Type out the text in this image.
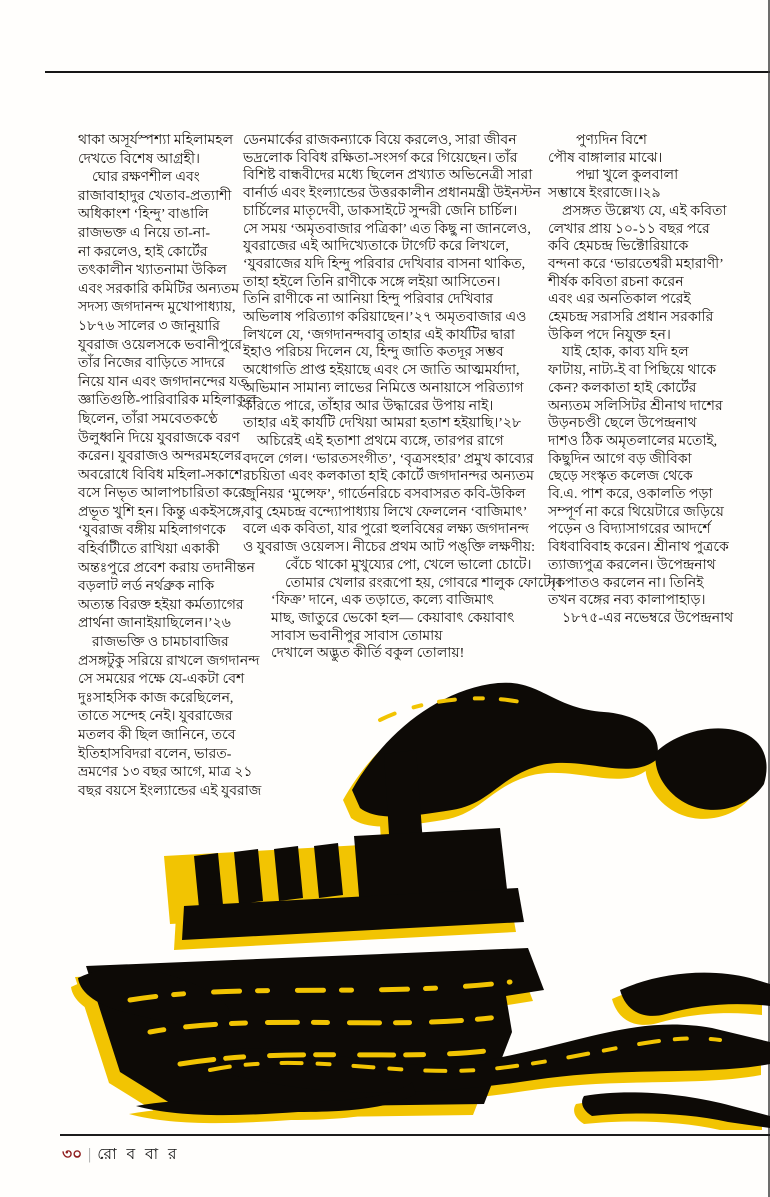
থাকা অসূর্যস্পশ্যা মহিলামহল
দেখতে বিশেষ আগ্রহী।
 ঘোর রক্ষণশীল এবং
রাজাবাহাদুর খেতাব-প্রত্যাশী
অধিকাংশ ‘হিন্দু’ বাঙালি
রাজভক্ত এ নিয়ে তা-না-
না করলেও, হাই কোর্টের
তৎকালীন খ্যাতনামা উকিল
এবং সরকারি কমিটির অন্যতম
সদস্য জগদানন্দ মুখোপাধ্যায়,
১৮৭৬ সালের ৩ জানুয়ারি
যুবরাজ ওয়েলসকে ভবানীপুরে
তাঁর নিজের বাড়িতে সাদরে
নিয়ে যান এবং জগদানন্দের যত
জ্ঞাতিগুষ্ঠি-পারিবারিক মহিলাকুল
ছিলেন, তাঁরা সমবেতকণ্ঠে
উলুধ্বনি দিয়ে যুবরাজকে বরণ
করেন। যুবরাজও অন্দরমহলের
অবরোধে বিবিধ মহিলা-সকাশে
বসে নিভৃত আলাপচারিতা করে
প্রভূত খুশি হন। কিন্তু একইসঙ্গে,
‘যুবরাজ বঙ্গীয় মহিলাগণকে
বহির্বাটীতে রাখিয়া একাকী
অন্তঃপুরে প্রবেশ করায় তদানীন্তন
বড়লাট লর্ড নর্থব্রুক নাকি
অত্যন্ত বিরক্ত হইয়া কর্মত্যাগের
প্রার্থনা জানাইয়াছিলেন।’২৬
 রাজভক্তি ও চামচাবাজির
প্রসঙ্গটুকু সরিয়ে রাখলে জগদানন্দ
সে সময়ের পক্ষে যে-একটা বেশ
দুঃসাহসিক কাজ করেছিলেন,
তাতে সন্দেহ নেই। যুবরাজের
মতলব কী ছিল জানিনে, তবে
ইতিহাসবিদরা বলেন, ভারত-
ভ্রমণের ১৩ বছর আগে, মাত্র ২১
বছর বয়সে ইংল্যান্ডের এই যুবরাজ
ডেনমার্কের রাজকন্যাকে বিয়ে করলেও, সারা জীবন
ভদ্রলোক বিবিধ রক্ষিতা-সংসর্গ করে গিয়েছেন। তাঁর
বিশিষ্ট বান্ধবীদের মধ্যে ছিলেন প্রখ্যাত অভিনেত্রী সারা
বার্নার্ড এবং ইংল্যান্ডের উত্তরকালীন প্রধানমন্ত্রী উইনস্টন
চার্চিলের মাতৃদেবী, ডাকসাইটে সুন্দরী জেনি চার্চিল।
সে সময় ‘অমৃতবাজার পত্রিকা’ এত কিছু না জানলেও,
যুবরাজের এই আদিখ্যেতাকে টার্গেট করে লিখলে,
‘যুবরাজের যদি হিন্দু পরিবার দেখিবার বাসনা থাকিত,
তাহা হইলে তিনি রাণীকে সঙ্গে লইয়া আসিতেন।
তিনি রাণীকে না আনিয়া হিন্দু পরিবার দেখিবার
অভিলাষ পরিত্যাগ করিয়াছেন।’২৭ অমৃতবাজার এও
লিখলে যে, ‘জগদানন্দবাবু তাহার এই কার্যটির দ্বারা
ইহাও পরিচয় দিলেন যে, হিন্দু জাতি কতদূর সম্ভব
অধোগতি প্রাপ্ত হইয়াছে এবং সে জাতি আত্মমর্যাদা,
অভিমান সামান্য লাভের নিমিত্তে অনায়াসে পরিত্যাগ
করিতে পারে, তাঁহার আর উদ্ধারের উপায় নাই।
তাহার এই কার্যটি দেখিয়া আমরা হতাশ হইয়াছি।’২৮
 অচিরেই এই হতাশা প্রথমে ব্যঙ্গে, তারপর রাগে
বদলে গেল। ‘ভারতসংগীত’, ‘বৃত্রসংহার’ প্রমুখ কাব্যের
রচয়িতা এবং কলকাতা হাই কোর্টে জগদানন্দর অন্যতম
জুনিয়র ‘মুন্সেফ’, গার্ডেনরিচে বসবাসরত কবি-উকিল
বাবু হেমচন্দ্র বন্দ্যোপাধ্যায় লিখে ফেললেন ‘বাজিমাৎ’
বলে এক কবিতা, যার পুরো হুলবিষের লক্ষ্য জগদানন্দ
ও যুবরাজ ওয়েলস। নীচের প্রথম আট পঙ্‌ক্তি লক্ষণীয়:
   বেঁচে থাকো মুখুয্যের পো, খেলে ভালো চোটে।
   তোমার খেলার রংরূপো হয়, গোবরে শালুক ফোটে।।
  ‘ফিক্র’ দানে, এক তড়াতে, কল্যে বাজিমাৎ
  মাছ, জাতুরে ভেকো হল— কেয়াবাৎ কেয়াবাৎ
  সাবাস ভবানীপুর সাবাস তোমায়
  দেখালে অদ্ভুত কীর্তি বকুল তোলায়!
  পুণ্যদিন বিশে
পৌষ বাঙ্গালার মাঝে।
  পদ্মা খুলে কুলবালা
সম্ভাষে ইংরাজে।।২৯
 প্রসঙ্গত উল্লেখ্য যে, এই কবিতা
লেখার প্রায় ১০-১১ বছর পরে
কবি হেমচন্দ্র ভিক্টোরিয়াকে
বন্দনা করে ‘ভারতেশ্বরী মহারাণী’
শীর্ষক কবিতা রচনা করেন
এবং এর অনতিকাল পরেই
হেমচন্দ্র সরাসরি প্রধান সরকারি
উকিল পদে নিযুক্ত হন।
 যাই হোক, কাব্য যদি হল
ফাটায়, নাট্য-ই বা পিছিয়ে থাকে
কেন? কলকাতা হাই কোর্টের
অন্যতম সলিসিটর শ্রীনাথ দাশের
উড়নচণ্ডী ছেলে উপেন্দ্রনাথ
দাশও ঠিক অমৃতলালের মতোই,
কিছুদিন আগে বড় জীবিকা
ছেড়ে সংস্কৃত কলেজ থেকে
বি.এ. পাশ করে, ওকালতি পড়া
সম্পূর্ণ না করে থিয়েটারে জড়িয়ে
পড়েন ও বিদ্যাসাগরের আদর্শে
বিধবাবিবাহ করেন। শ্রীনাথ পুত্রকে
ত্যাজ্যপুত্র করলেন। উপেন্দ্রনাথ
দৃকপাতও করলেন না। তিনিই
তখন বঙ্গের নব্য কালাপাহাড়।
 ১৮৭৫-এর নভেম্বরে উপেন্দ্রনাথ
৩০ | রো ব বা র
